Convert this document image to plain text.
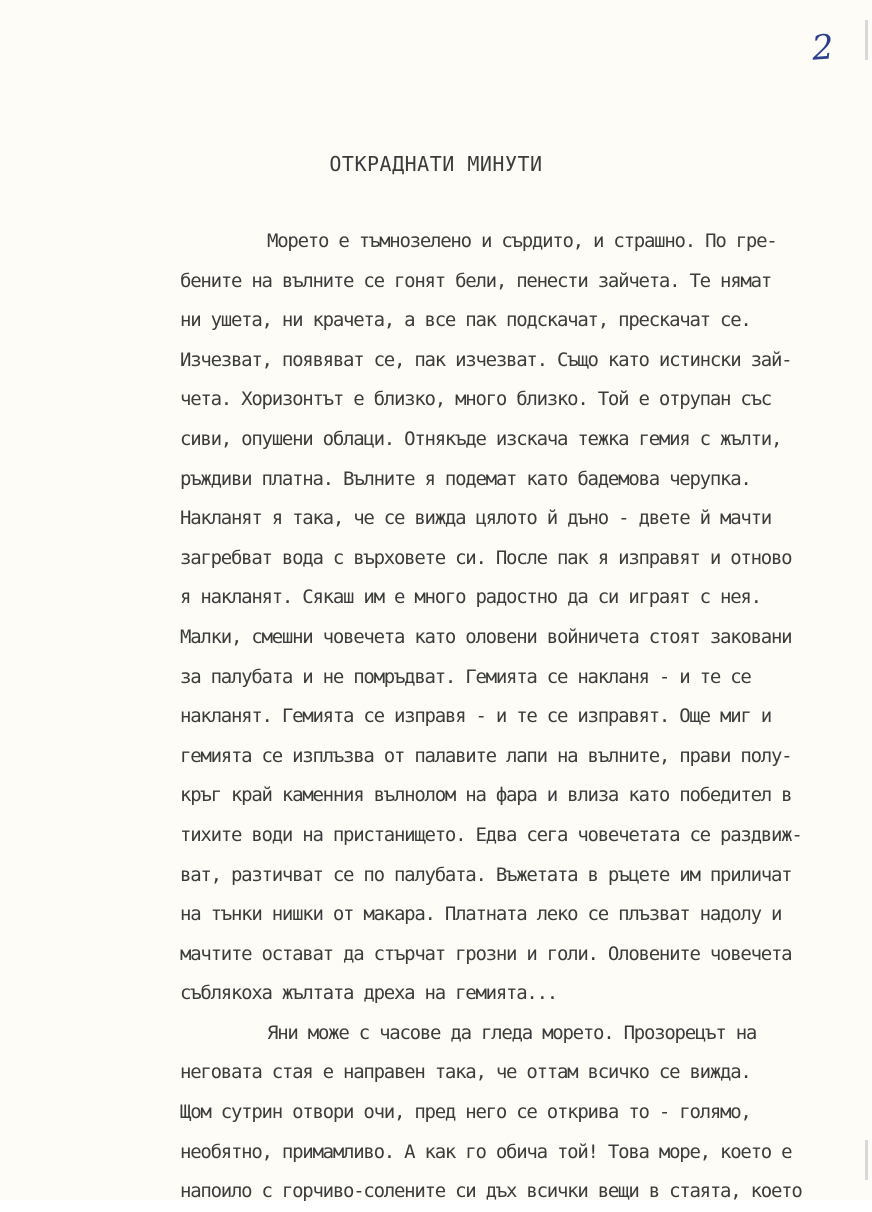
2
ОТКРАДНАТИ МИНУТИ
Морето е тъмнозелено и сърдито, и страшно. По гре-
бените на вълните се гонят бели, пенести зайчета. Те нямат
ни ушета, ни крачета, а все пак подскачат, прескачат се.
Изчезват, появяват се, пак изчезват. Също като истински зай-
чета. Хоризонтът е близко, много близко. Той е отрупан със
сиви, опушени облаци. Отнякъде изскача тежка гемия с жълти,
ръждиви платна. Вълните я подемат като бадемова черупка.
Накланят я така, че се вижда цялото й дъно - двете й мачти
загребват вода с върховете си. После пак я изправят и отново
я накланят. Сякаш им е много радостно да си играят с нея.
Малки, смешни човечета като оловени войничета стоят заковани
за палубата и не помръдват. Гемията се накланя - и те се
накланят. Гемията се изправя - и те се изправят. Още миг и
гемията се изплъзва от палавите лапи на вълните, прави полу-
кръг край каменния вълнолом на фара и влиза като победител в
тихите води на пристанището. Едва сега човечетата се раздвиж-
ват, разтичват се по палубата. Въжетата в ръцете им приличат
на тънки нишки от макара. Платната леко се плъзват надолу и
мачтите остават да стърчат грозни и голи. Оловените човечета
съблякоха жълтата дреха на гемията...
Яни може с часове да гледа морето. Прозорецът на
неговата стая е направен така, че оттам всичко се вижда.
Щом сутрин отвори очи, пред него се открива то - голямо,
необятно, примамливо. А как го обича той! Това море, което е
напоило с горчиво-солените си дъх всички вещи в стаята, което
